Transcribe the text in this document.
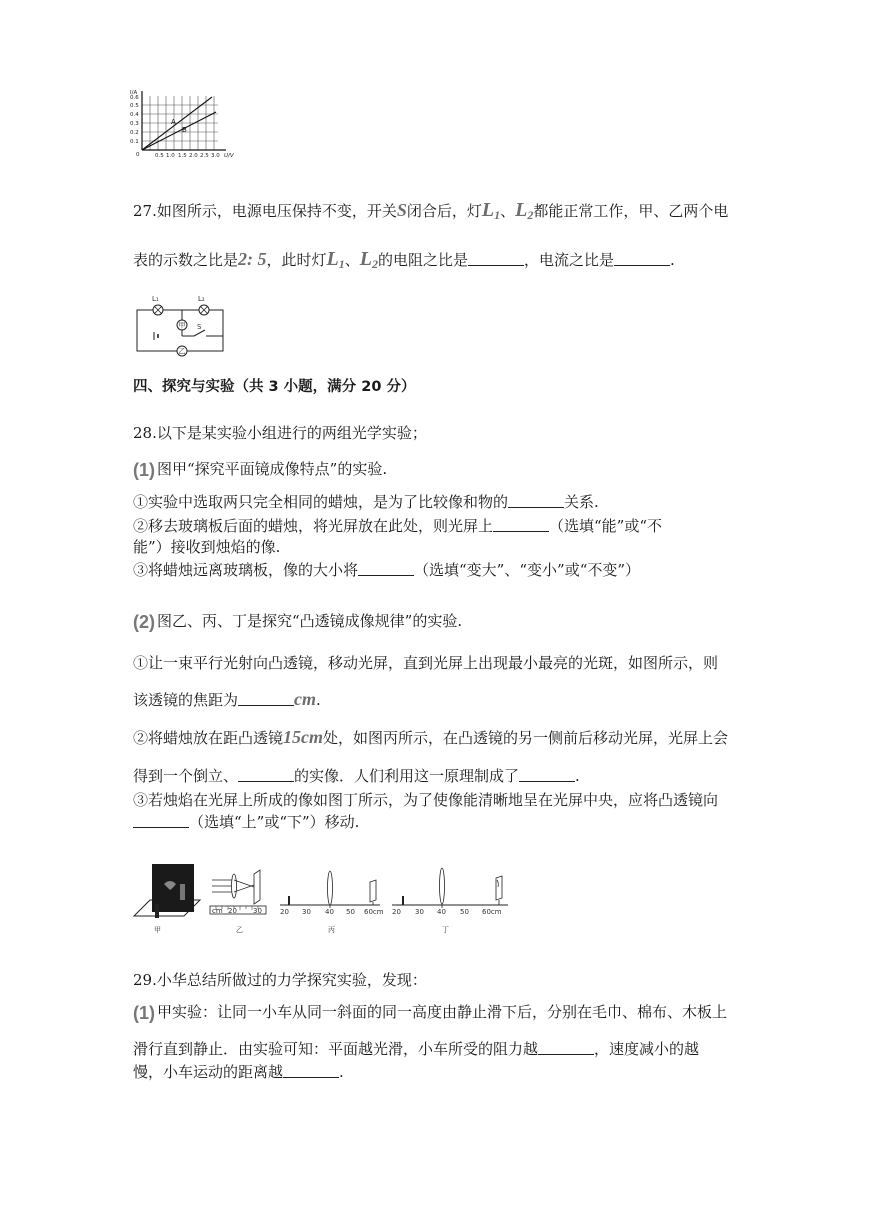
A
B
I/A
0.6
0.5
0.4
0.3
0.2
0.1
0	0.5 1.0 1.5 2.0 2.5 3.0 U/V
27.如图所示，电源电压保持不变，开关S闭合后，灯$L_1$、$L_2$都能正常工作，甲、乙两个电
表的示数之比是2: 5，此时灯$L_1$、$L_2$的电阻之比是	，电流之比是	.
L₁	L₂
甲 S
乙
四、探究与实验（共 3 小题，满分 20 分）
28.以下是某实验小组进行的两组光学实验；
(1) 图甲“探究平面镜成像特点”的实验.
①实验中选取两只完全相同的蜡烛，是为了比较像和物的	关系.
②移去玻璃板后面的蜡烛，将光屏放在此处，则光屏上	（选填“能”或“不
能”）接收到烛焰的像.
③将蜡烛远离玻璃板，像的大小将	（选填“变大”、“变小”或“不变”）
(2) 图乙、丙、丁是探究“凸透镜成像规律”的实验.
①让一束平行光射向凸透镜，移动光屏，直到光屏上出现最小最亮的光斑，如图所示，则
该透镜的焦距为	cm.
②将蜡烛放在距凸透镜15cm处，如图丙所示，在凸透镜的另一侧前后移动光屏，光屏上会
得到一个倒立、	的实像．人们利用这一原理制成了	.
③若烛焰在光屏上所成的像如图丁所示，为了使像能清晰地呈在光屏中央，应将凸透镜向
（选填“上”或“下”）移动.
甲
cm 20 30
乙
20 30 40 50 60cm
丙
20 30 40 50 60cm
丁
29.小华总结所做过的力学探究实验，发现：
(1) 甲实验：让同一小车从同一斜面的同一高度由静止滑下后，分别在毛巾、棉布、木板上
滑行直到静止．由实验可知：平面越光滑，小车所受的阻力越	，速度减小的越
慢，小车运动的距离越	.
